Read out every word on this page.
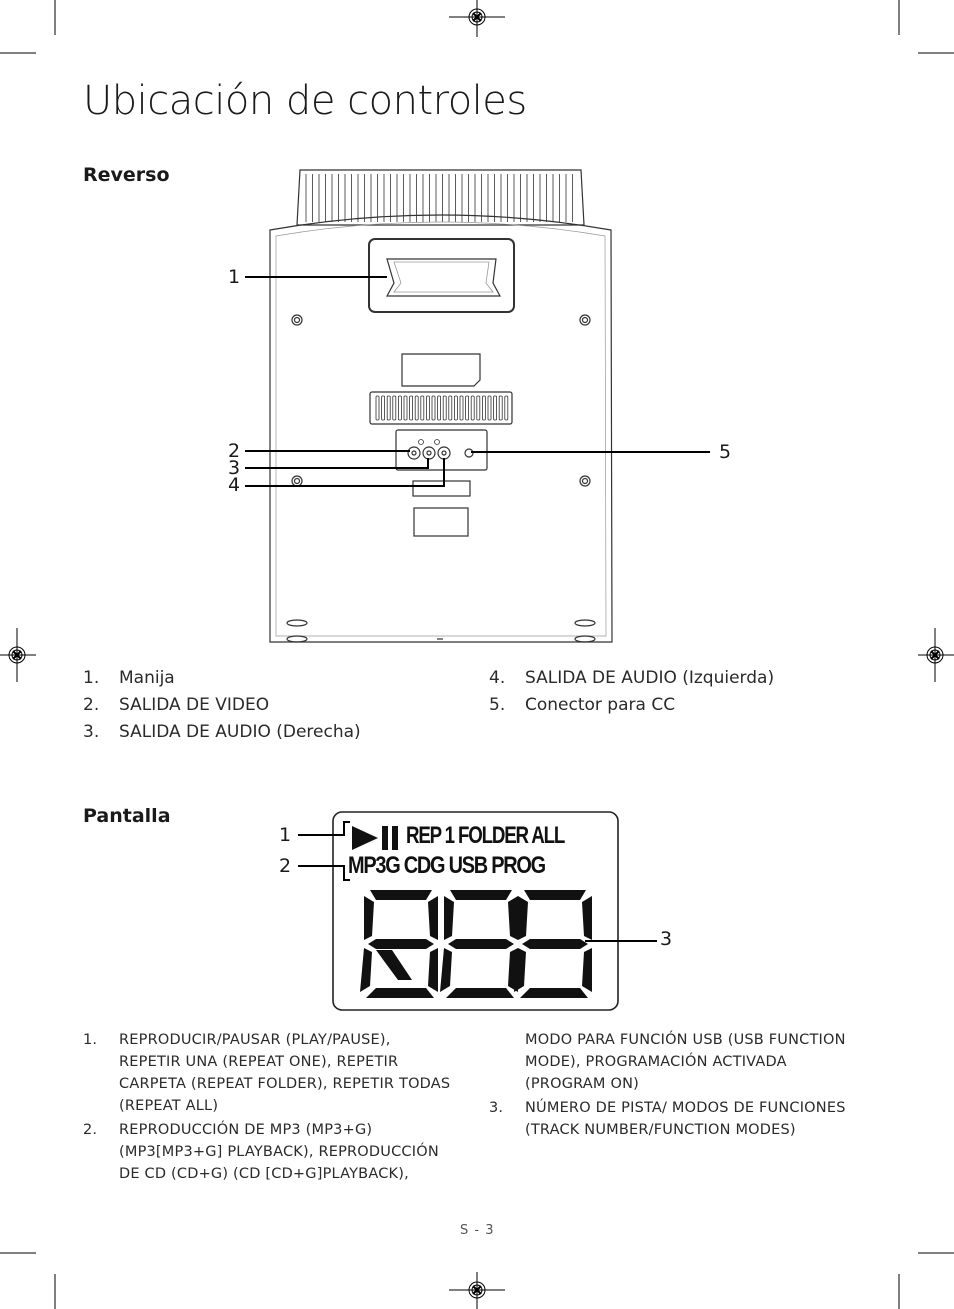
Ubicación de controles
Reverso
1
2
3
4
5
1. Manija
2. SALIDA DE VIDEO
3. SALIDA DE AUDIO (Derecha)
4. SALIDA DE AUDIO (Izquierda)
5. Conector para CC
Pantalla
REP 1 FOLDER ALL
MP3G CDG USB PROG
1
2
3
1. REPRODUCIR/PAUSAR (PLAY/PAUSE),
REPETIR UNA (REPEAT ONE), REPETIR
CARPETA (REPEAT FOLDER), REPETIR TODAS
(REPEAT ALL)
2. REPRODUCCIÓN DE MP3 (MP3+G)
(MP3[MP3+G] PLAYBACK), REPRODUCCIÓN
DE CD (CD+G) (CD [CD+G]PLAYBACK),
MODO PARA FUNCIÓN USB (USB FUNCTION
MODE), PROGRAMACIÓN ACTIVADA
(PROGRAM ON)
3. NÚMERO DE PISTA/ MODOS DE FUNCIONES
(TRACK NUMBER/FUNCTION MODES)
S - 3
